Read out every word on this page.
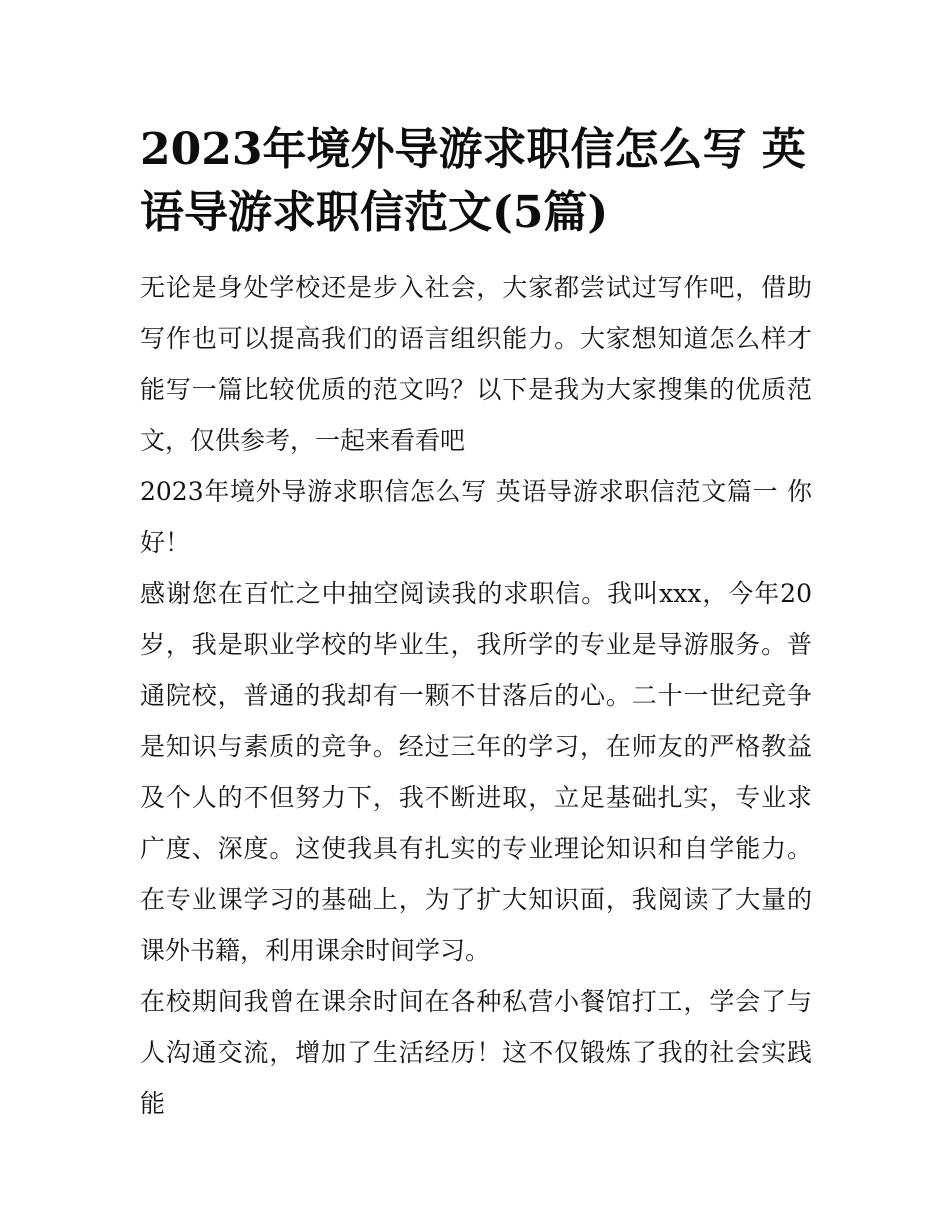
2023年境外导游求职信怎么写 英语导游求职信范文(5篇)

无论是身处学校还是步入社会，大家都尝试过写作吧，借助写作也可以提高我们的语言组织能力。大家想知道怎么样才能写一篇比较优质的范文吗？以下是我为大家搜集的优质范文，仅供参考，一起来看看吧

2023年境外导游求职信怎么写 英语导游求职信范文篇一 你好！

感谢您在百忙之中抽空阅读我的求职信。我叫xxx，今年20岁，我是职业学校的毕业生，我所学的专业是导游服务。普通院校，普通的我却有一颗不甘落后的心。二十一世纪竞争是知识与素质的竞争。经过三年的学习，在师友的严格教益及个人的不但努力下，我不断进取，立足基础扎实，专业求广度、深度。这使我具有扎实的专业理论知识和自学能力。在专业课学习的基础上，为了扩大知识面，我阅读了大量的课外书籍，利用课余时间学习。

在校期间我曾在课余时间在各种私营小餐馆打工，学会了与人沟通交流，增加了生活经历！这不仅锻炼了我的社会实践能
